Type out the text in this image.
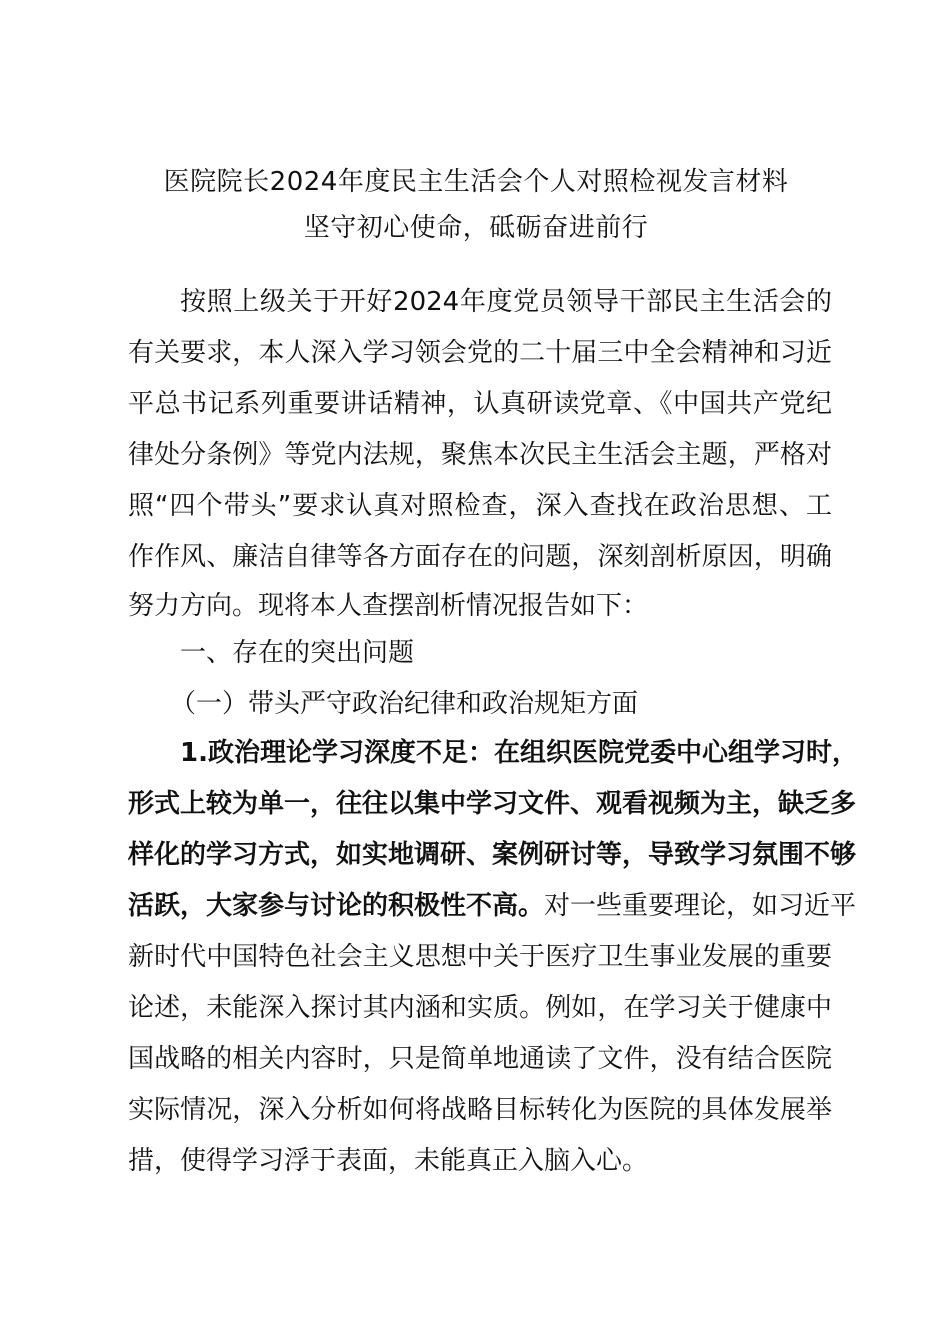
医院院长2024年度民主生活会个人对照检视发言材料
坚守初心使命，砥砺奋进前行
按照上级关于开好2024年度党员领导干部民主生活会的
有关要求，本人深入学习领会党的二十届三中全会精神和习近
平总书记系列重要讲话精神，认真研读党章、《中国共产党纪
律处分条例》等党内法规，聚焦本次民主生活会主题，严格对
照“四个带头”要求认真对照检查，深入查找在政治思想、工
作作风、廉洁自律等各方面存在的问题，深刻剖析原因，明确
努力方向。现将本人查摆剖析情况报告如下：
一、存在的突出问题
（一）带头严守政治纪律和政治规矩方面
1.政治理论学习深度不足：在组织医院党委中心组学习时，
形式上较为单一，往往以集中学习文件、观看视频为主，缺乏多
样化的学习方式，如实地调研、案例研讨等，导致学习氛围不够
活跃，大家参与讨论的积极性不高。对一些重要理论，如习近平
新时代中国特色社会主义思想中关于医疗卫生事业发展的重要
论述，未能深入探讨其内涵和实质。例如，在学习关于健康中
国战略的相关内容时，只是简单地通读了文件，没有结合医院
实际情况，深入分析如何将战略目标转化为医院的具体发展举
措，使得学习浮于表面，未能真正入脑入心。
